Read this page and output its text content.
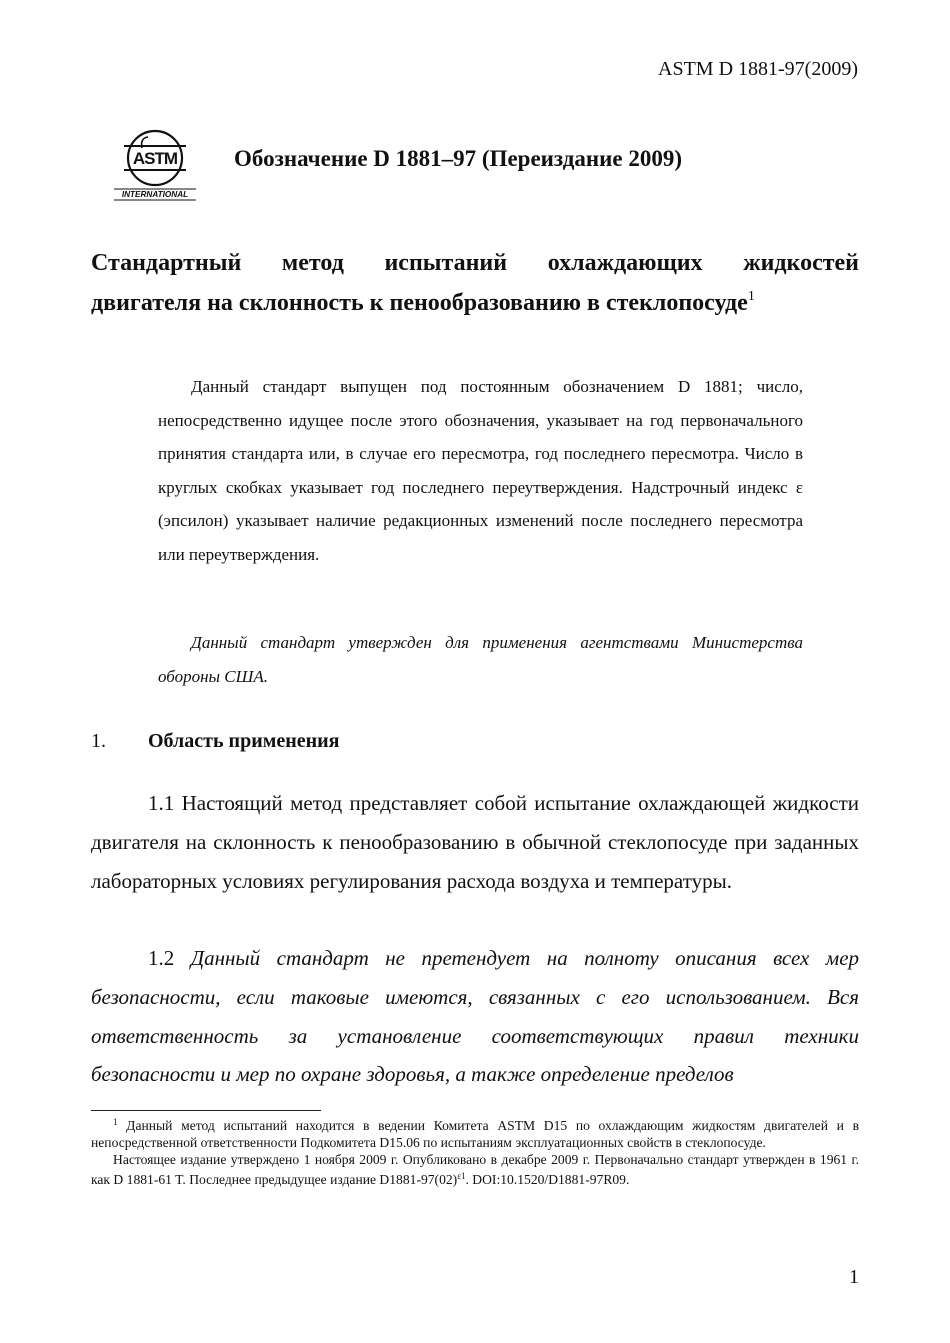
ASTM D 1881-97(2009)
ASTM
INTERNATIONAL
Обозначение D 1881–97 (Переиздание 2009)
Стандартный метод испытаний охлаждающих жидкостей
двигателя на склонность к пенообразованию в стеклопосуде$^1$

Данный стандарт выпущен под постоянным обозначением D 1881; число, непосредственно идущее после этого обозначения, указывает на год первоначального принятия стандарта или, в случае его пересмотра, год последнего пересмотра. Число в круглых скобках указывает год последнего переутверждения. Надстрочный индекс ε (эпсилон) указывает наличие редакционных изменений после последнего пересмотра или переутверждения.

Данный стандарт утвержден для применения агентствами Министерства обороны США.

1. Область применения

1.1 Настоящий метод представляет собой испытание охлаждающей жидкости двигателя на склонность к пенообразованию в обычной стеклопосуде при заданных лабораторных условиях регулирования расхода воздуха и температуры.

1.2 Данный стандарт не претендует на полноту описания всех мер безопасности, если таковые имеются, связанных с его использованием. Вся ответственность за установление соответствующих правил техники безопасности и мер по охране здоровья, а также определение пределов

$^1$ Данный метод испытаний находится в ведении Комитета ASTM D15 по охлаждающим жидкостям двигателей и в непосредственной ответственности Подкомитета D15.06 по испытаниям эксплуатационных свойств в стеклопосуде.

Настоящее издание утверждено 1 ноября 2009 г. Опубликовано в декабре 2009 г. Первоначально стандарт утвержден в 1961 г. как D 1881-61 T. Последнее предыдущее издание $D1881-97(02)^{\varepsilon 1}$. DOI:10.1520/D1881-97R09.

1
